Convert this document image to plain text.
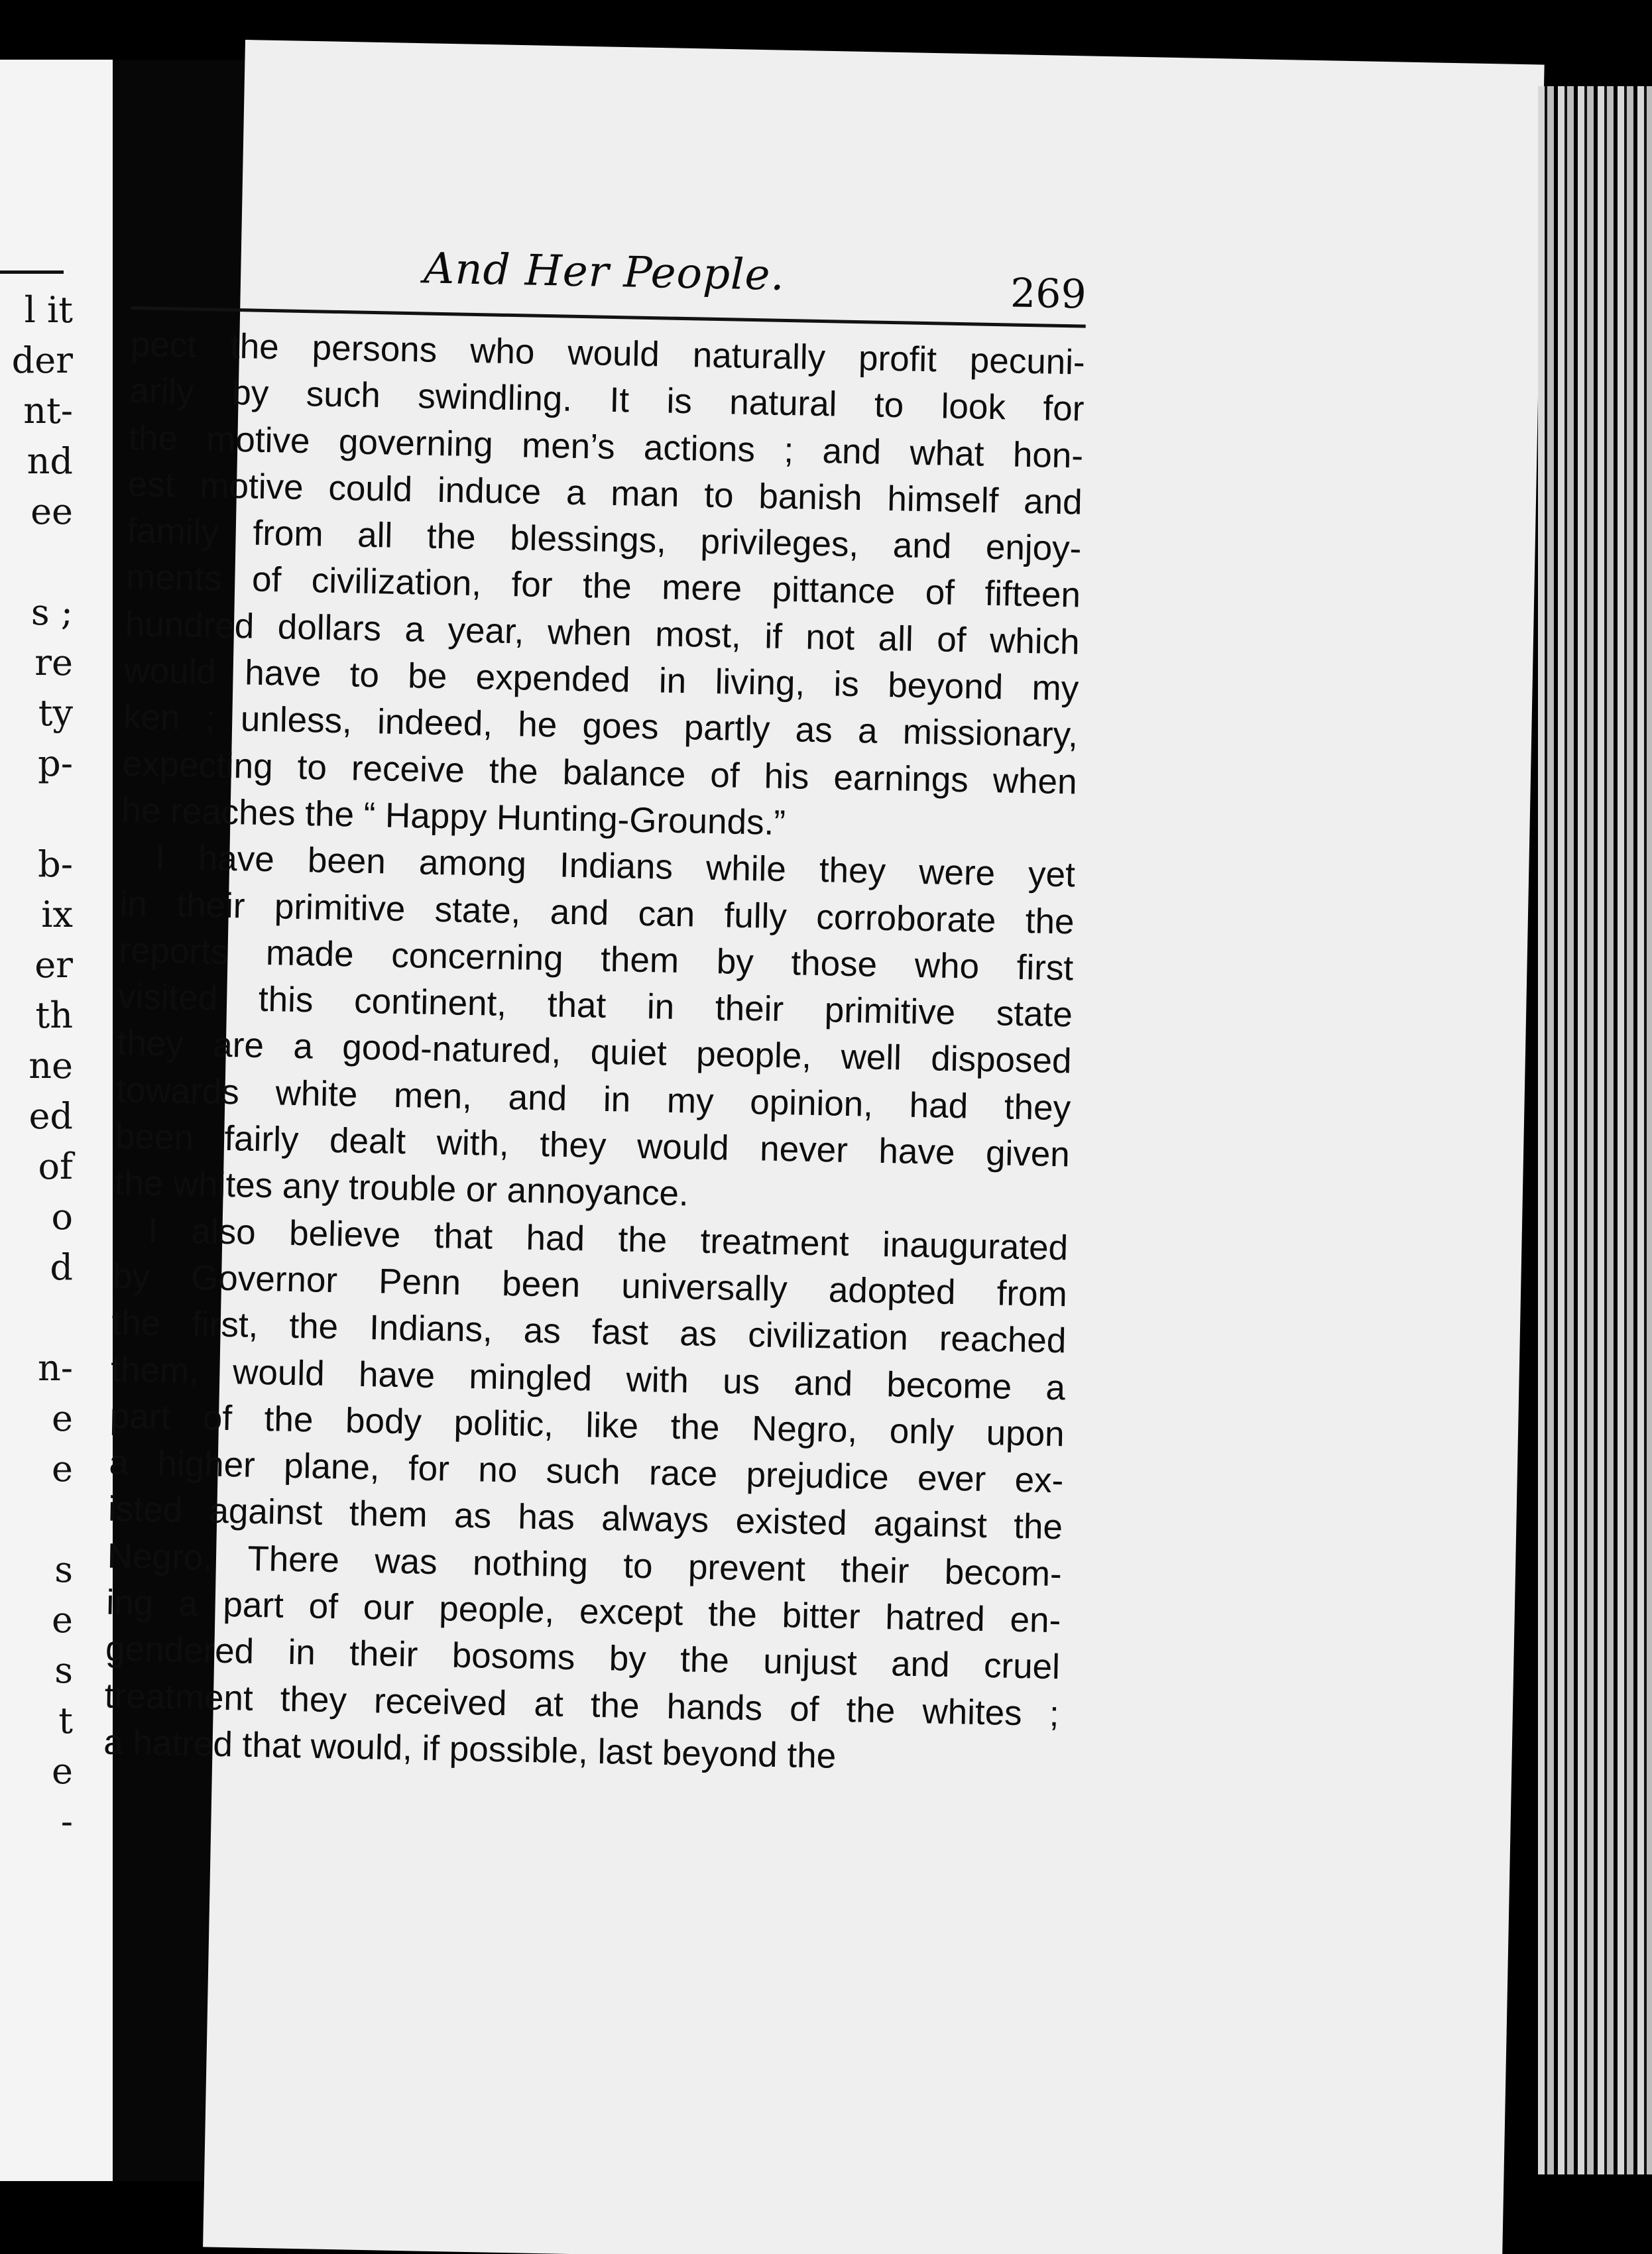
l it
der
nt-
nd
ee
s ;
re
ty
p-
b-
ix
er
th
ne
ed
of
o
d
n-
e
e
s
e
s
t
e
-
And Her People.	269
pect the persons who would naturally profit pecuni-
arily by such swindling. It is natural to look for
the motive governing men’s actions ; and what hon-
est motive could induce a man to banish himself and
family from all the blessings, privileges, and enjoy-
ments of civilization, for the mere pittance of fifteen
hundred dollars a year, when most, if not all of which
would have to be expended in living, is beyond my
ken ; unless, indeed, he goes partly as a missionary,
expecting to receive the balance of his earnings when
he reaches the “ Happy Hunting-Grounds.”
I have been among Indians while they were yet
in their primitive state, and can fully corroborate the
reports made concerning them by those who first
visited this continent, that in their primitive state
they are a good-natured, quiet people, well disposed
towards white men, and in my opinion, had they
been fairly dealt with, they would never have given
the whites any trouble or annoyance.
I also believe that had the treatment inaugurated
by Governor Penn been universally adopted from
the first, the Indians, as fast as civilization reached
them, would have mingled with us and become a
part of the body politic, like the Negro, only upon
a higher plane, for no such race prejudice ever ex-
isted against them as has always existed against the
Negro. There was nothing to prevent their becom-
ing a part of our people, except the bitter hatred en-
gendered in their bosoms by the unjust and cruel
treatment they received at the hands of the whites ;
a hatred that would, if possible, last beyond the
